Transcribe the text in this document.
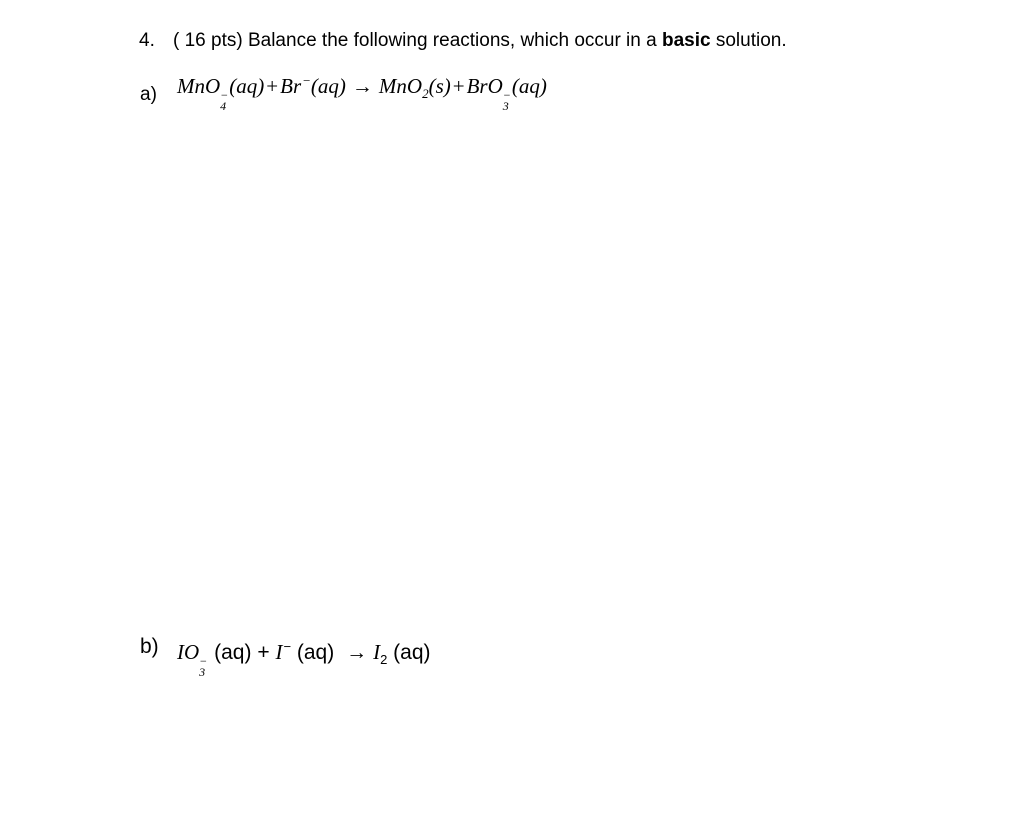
4. ( 16 pts) Balance the following reactions, which occur in a basic solution.
a) MnO −
4
(aq)+Br−(aq) → MnO$_2$(s)+BrO −
3
(aq)
b) IO −
3
(aq) + I− $(aq) \to I_2$ (aq)
